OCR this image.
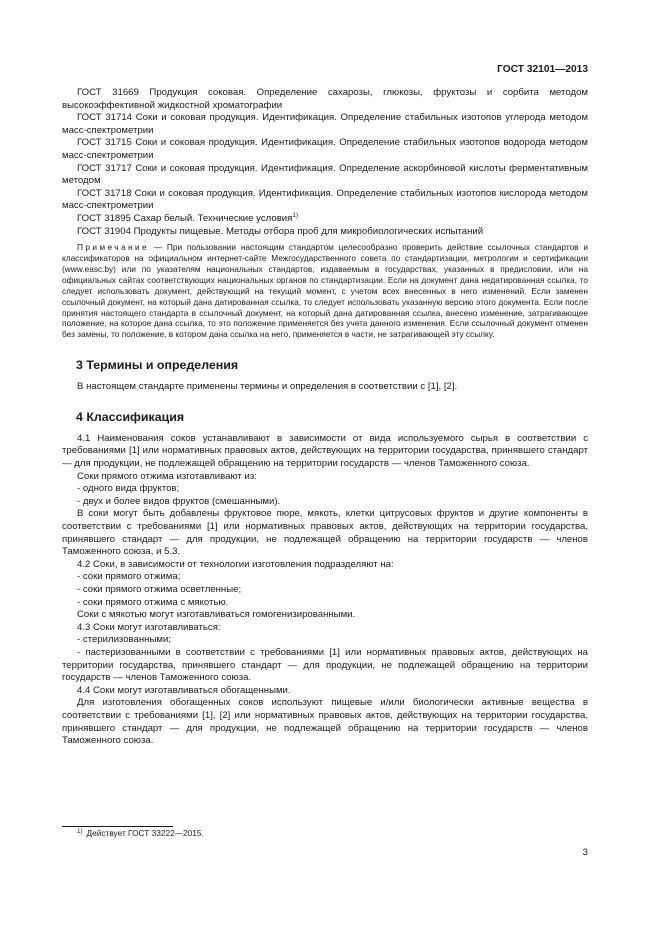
ГОСТ 32101—2013

ГОСТ 31669 Продукция соковая. Определение сахарозы, глюкозы, фруктозы и сорбита методом высокоэффективной жидкостной хроматографии

ГОСТ 31714 Соки и соковая продукция. Идентификация. Определение стабильных изотопов углерода методом масс-спектрометрии

ГОСТ 31715 Соки и соковая продукция. Идентификация. Определение стабильных изотопов водорода методом масс-спектрометрии

ГОСТ 31717 Соки и соковая продукция. Идентификация. Определение аскорбиновой кислоты ферментативным методом

ГОСТ 31718 Соки и соковая продукция. Идентификация. Определение стабильных изотопов кислорода методом масс-спектрометрии

ГОСТ 31895 Сахар белый. Технические условия$^{1)}$

ГОСТ 31904 Продукты пищевые. Методы отбора проб для микробиологических испытаний

Примечание — При пользовании настоящим стандартом целесообразно проверить действие ссылочных стандартов и классификаторов на официальном интернет-сайте Межгосударственного совета по стандартизации, метрологии и сертификации (www.easc.by) или по указателям национальных стандартов, издаваемым в государствах, указанных в предисловии, или на официальных сайтах соответствующих национальных органов по стандартизации. Если на документ дана недатированная ссылка, то следует использовать документ, действующий на текущий момент, с учетом всех внесенных в него изменений. Если заменен ссылочный документ, на который дана датированная ссылка, то следует использовать указанную версию этого документа. Если после принятия настоящего стандарта в ссылочный документ, на который дана датированная ссылка, внесено изменение, затрагивающее положение, на которое дана ссылка, то это положение применяется без учета данного изменения. Если ссылочный документ отменен без замены, то положение, в котором дана ссылка на него, применяется в части, не затрагивающей эту ссылку.

3 Термины и определения

В настоящем стандарте применены термины и определения в соответствии с [1], [2].

4 Классификация

4.1 Наименования соков устанавливают в зависимости от вида используемого сырья в соответствии с требованиями [1] или нормативных правовых актов, действующих на территории государства, принявшего стандарт — для продукции, не подлежащей обращению на территории государств — членов Таможенного союза.

Соки прямого отжима изготавливают из:

- одного вида фруктов;

- двух и более видов фруктов (смешанными).

В соки могут быть добавлены фруктовое пюре, мякоть, клетки цитрусовых фруктов и другие компоненты в соответствии с требованиями [1] или нормативных правовых актов, действующих на территории государства, принявшего стандарт — для продукции, не подлежащей обращению на территории государств — членов Таможенного союза, и 5.3.

4.2 Соки, в зависимости от технологии изготовления подразделяют на:

- соки прямого отжима;

- соки прямого отжима осветленные;

- соки прямого отжима с мякотью.

Соки с мякотью могут изготавливаться гомогенизированными.

4.3 Соки могут изготавливаться:

- стерилизованными;

- пастеризованными в соответствии с требованиями [1] или нормативных правовых актов, действующих на территории государства, принявшего стандарт — для продукции, не подлежащей обращению на территории государств — членов Таможенного союза.

4.4 Соки могут изготавливаться обогащенными.

Для изготовления обогащенных соков используют пищевые и/или биологически активные вещества в соответствии с требованиями [1], [2] или нормативных правовых актов, действующих на территории государства, принявшего стандарт — для продукции, не подлежащей обращению на территории государств — членов Таможенного союза.

$^{1)}$ Действует ГОСТ 33222—2015.
3
